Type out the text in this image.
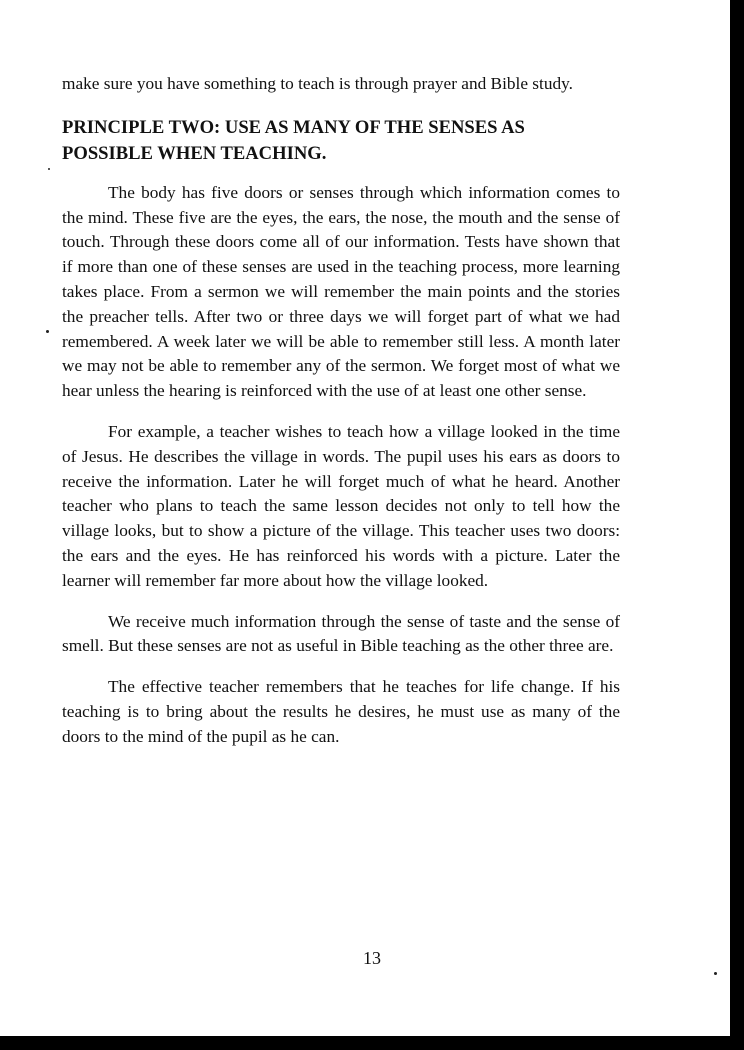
make sure you have something to teach is through prayer and Bible study.

PRINCIPLE TWO: USE AS MANY OF THE SENSES AS POSSIBLE WHEN TEACHING.

The body has five doors or senses through which information comes to the mind. These five are the eyes, the ears, the nose, the mouth and the sense of touch. Through these doors come all of our information. Tests have shown that if more than one of these senses are used in the teaching process, more learning takes place. From a sermon we will remember the main points and the stories the preacher tells. After two or three days we will forget part of what we had remembered. A week later we will be able to remember still less. A month later we may not be able to remember any of the sermon. We forget most of what we hear unless the hearing is reinforced with the use of at least one other sense.

For example, a teacher wishes to teach how a village looked in the time of Jesus. He describes the village in words. The pupil uses his ears as doors to receive the information. Later he will forget much of what he heard. Another teacher who plans to teach the same lesson decides not only to tell how the village looks, but to show a picture of the village. This teacher uses two doors: the ears and the eyes. He has reinforced his words with a picture. Later the learner will remember far more about how the village looked.

We receive much information through the sense of taste and the sense of smell. But these senses are not as useful in Bible teaching as the other three are.

The effective teacher remembers that he teaches for life change. If his teaching is to bring about the results he desires, he must use as many of the doors to the mind of the pupil as he can.

13
